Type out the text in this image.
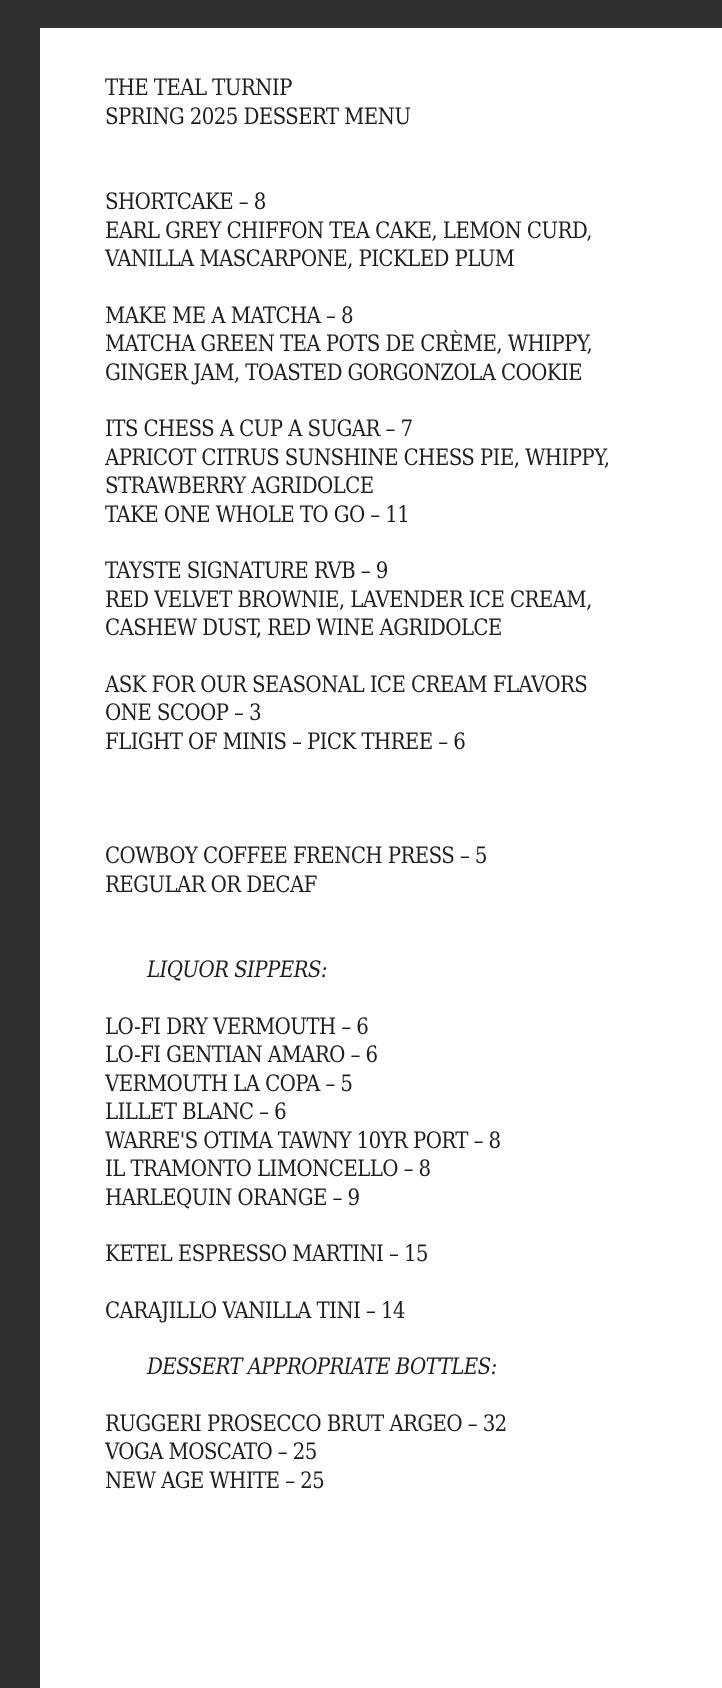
THE TEAL TURNIP
SPRING 2025 DESSERT MENU
SHORTCAKE – 8
EARL GREY CHIFFON TEA CAKE, LEMON CURD,
VANILLA MASCARPONE, PICKLED PLUM
MAKE ME A MATCHA – 8
MATCHA GREEN TEA POTS DE CRÈME, WHIPPY,
GINGER JAM, TOASTED GORGONZOLA COOKIE
ITS CHESS A CUP A SUGAR – 7
APRICOT CITRUS SUNSHINE CHESS PIE, WHIPPY,
STRAWBERRY AGRIDOLCE
TAKE ONE WHOLE TO GO – 11
TAYSTE SIGNATURE RVB – 9
RED VELVET BROWNIE, LAVENDER ICE CREAM,
CASHEW DUST, RED WINE AGRIDOLCE
ASK FOR OUR SEASONAL ICE CREAM FLAVORS
ONE SCOOP – 3
FLIGHT OF MINIS – PICK THREE – 6
COWBOY COFFEE FRENCH PRESS – 5
REGULAR OR DECAF
LIQUOR SIPPERS:
LO-FI DRY VERMOUTH – 6
LO-FI GENTIAN AMARO – 6
VERMOUTH LA COPA – 5
LILLET BLANC – 6
WARRE'S OTIMA TAWNY 10YR PORT – 8
IL TRAMONTO LIMONCELLO – 8
HARLEQUIN ORANGE – 9
KETEL ESPRESSO MARTINI – 15
CARAJILLO VANILLA TINI – 14
DESSERT APPROPRIATE BOTTLES:
RUGGERI PROSECCO BRUT ARGEO – 32
VOGA MOSCATO – 25
NEW AGE WHITE – 25
